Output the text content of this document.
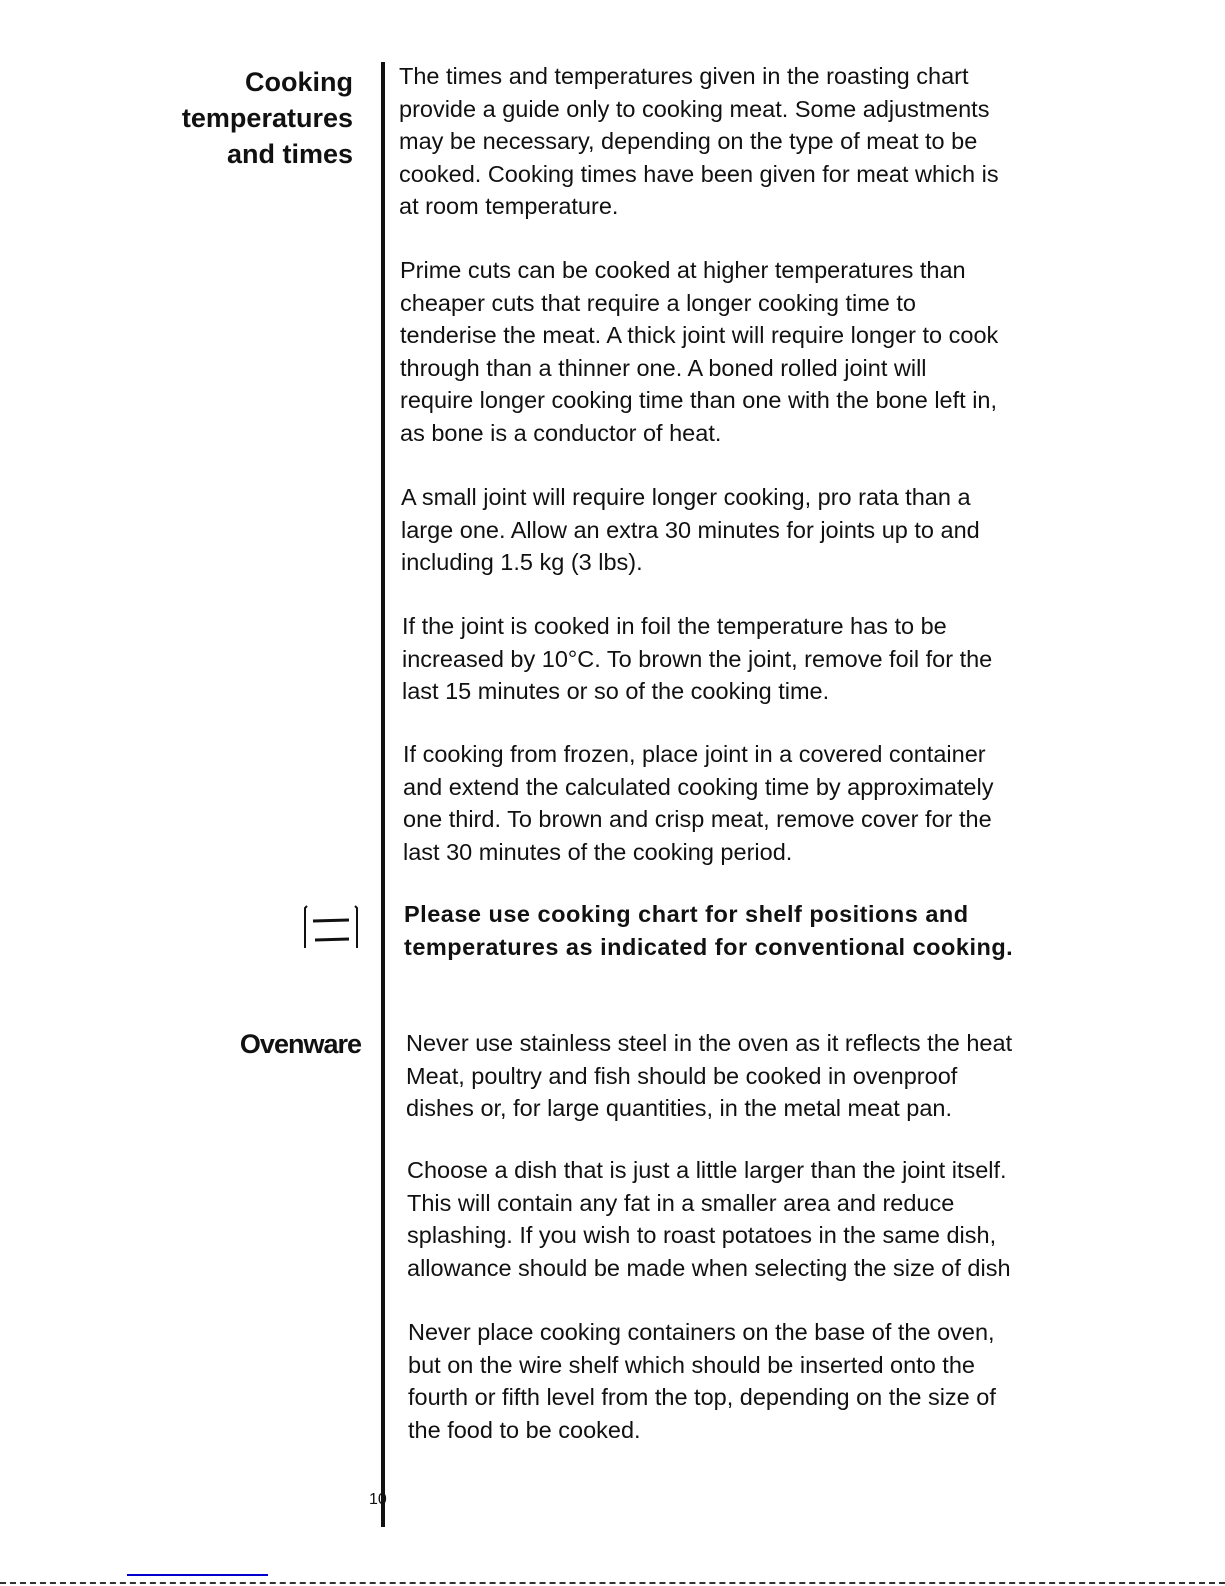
Cooking
temperatures
and times
The times and temperatures given in the roasting chart
provide a guide only to cooking meat. Some adjustments
may be necessary, depending on the type of meat to be
cooked. Cooking times have been given for meat which is
at room temperature.
Prime cuts can be cooked at higher temperatures than
cheaper cuts that require a longer cooking time to
tenderise the meat. A thick joint will require longer to cook
through than a thinner one. A boned rolled joint will
require longer cooking time than one with the bone left in,
as bone is a conductor of heat.
A small joint will require longer cooking, pro rata than a
large one. Allow an extra 30 minutes for joints up to and
including 1.5 kg (3 lbs).
If the joint is cooked in foil the temperature has to be
increased by 10°C. To brown the joint, remove foil for the
last 15 minutes or so of the cooking time.
If cooking from frozen, place joint in a covered container
and extend the calculated cooking time by approximately
one third. To brown and crisp meat, remove cover for the
last 30 minutes of the cooking period.
Please use cooking chart for shelf positions and
temperatures as indicated for conventional cooking.
Ovenware Never use stainless steel in the oven as it reflects the heat
Meat, poultry and fish should be cooked in ovenproof
dishes or, for large quantities, in the metal meat pan.
Choose a dish that is just a little larger than the joint itself.
This will contain any fat in a smaller area and reduce
splashing. If you wish to roast potatoes in the same dish,
allowance should be made when selecting the size of dish
Never place cooking containers on the base of the oven,
but on the wire shelf which should be inserted onto the
fourth or fifth level from the top, depending on the size of
the food to be cooked.
10
